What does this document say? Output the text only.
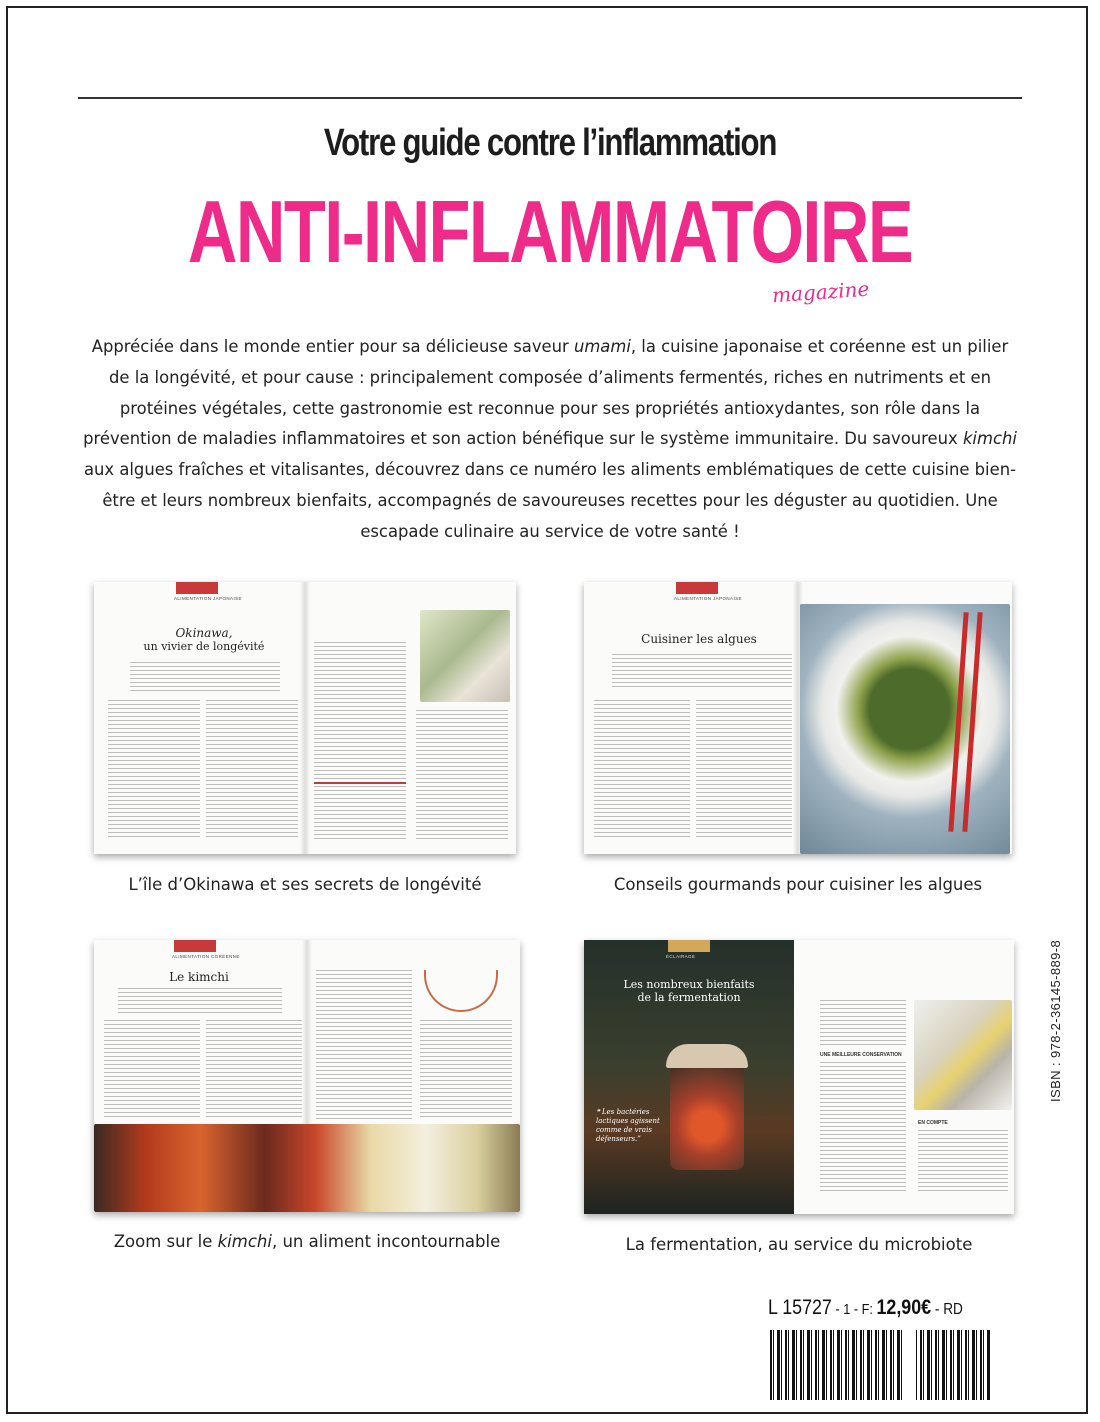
Votre guide contre l’inflammation
ANTI-INFLAMMATOIRE
magazine
Appréciée dans le monde entier pour sa délicieuse saveur umami, la cuisine japonaise et coréenne est un pilier de la longévité, et pour cause : principalement composée d’aliments fermentés, riches en nutriments et en protéines végétales, cette gastronomie est reconnue pour ses propriétés antioxydantes, son rôle dans la prévention de maladies inflammatoires et son action bénéfique sur le système immunitaire. Du savoureux kimchi aux algues fraîches et vitalisantes, découvrez dans ce numéro les aliments emblématiques de cette cuisine bien-être et leurs nombreux bienfaits, accompagnés de savoureuses recettes pour les déguster au quotidien. Une escapade culinaire au service de votre santé !
ALIMENTATION JAPONAISE
Okinawa,
un vivier de longévité
L’île d’Okinawa et ses secrets de longévité
ALIMENTATION JAPONAISE
Cuisiner les algues
Conseils gourmands pour cuisiner les algues
ALIMENTATION CORÉENNE
Le kimchi
Zoom sur le kimchi, un aliment incontournable
ÉCLAIRAGE
Les nombreux bienfaits
de la fermentation
❝ Les bactéries lactiques agissent comme de vrais défenseurs.”
UNE MEILLEURE CONSERVATION
EN COMPTE
La fermentation, au service du microbiote
L 15727 - 1 - F: 12,90€ - RD
ISBN : 978-2-36145-889-8
